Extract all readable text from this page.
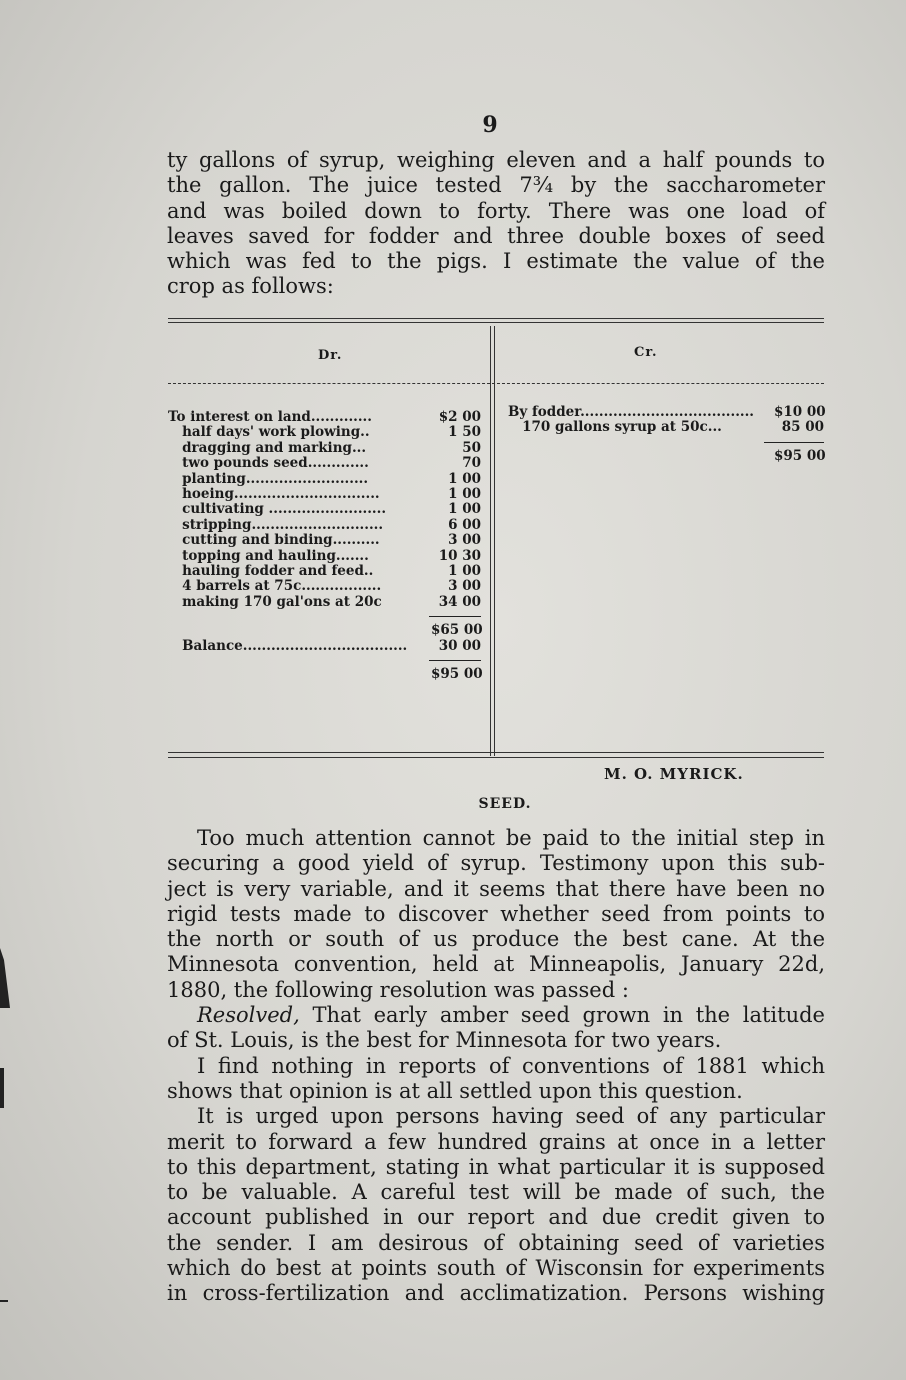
9
ty gallons of syrup, weighing eleven and a half pounds to
the gallon. The juice tested 7¾ by the saccharometer
and was boiled down to forty. There was one load of
leaves saved for fodder and three double boxes of seed
which was fed to the pigs. I estimate the value of the
crop as follows:
Dr.	Cr.
To interest on land.............	$2 00
half days' work plowing..	1 50
dragging and marking...	50
two pounds seed.............	70
planting..........................	1 00
hoeing...............................	1 00
cultivating .........................	1 00
stripping............................	6 00
cutting and binding..........	3 00
topping and hauling.......	10 30
hauling fodder and feed..	1 00
4 barrels at 75c.................	3 00
making 170 gal'ons at 20c	34 00
$65 00
Balance...................................	30 00
$95 00
By fodder.....................................	$10 00
170 gallons syrup at 50c...	85 00
$95 00
M. O. MYRICK.
SEED.
Too much attention cannot be paid to the initial step in
securing a good yield of syrup. Testimony upon this sub-
ject is very variable, and it seems that there have been no
rigid tests made to discover whether seed from points to
the north or south of us produce the best cane. At the
Minnesota convention, held at Minneapolis, January 22d,
1880, the following resolution was passed :
Resolved, That early amber seed grown in the latitude
of St. Louis, is the best for Minnesota for two years.
I find nothing in reports of conventions of 1881 which
shows that opinion is at all settled upon this question.
It is urged upon persons having seed of any particular
merit to forward a few hundred grains at once in a letter
to this department, stating in what particular it is supposed
to be valuable. A careful test will be made of such, the
account published in our report and due credit given to
the sender. I am desirous of obtaining seed of varieties
which do best at points south of Wisconsin for experiments
in cross-fertilization and acclimatization. Persons wishing
